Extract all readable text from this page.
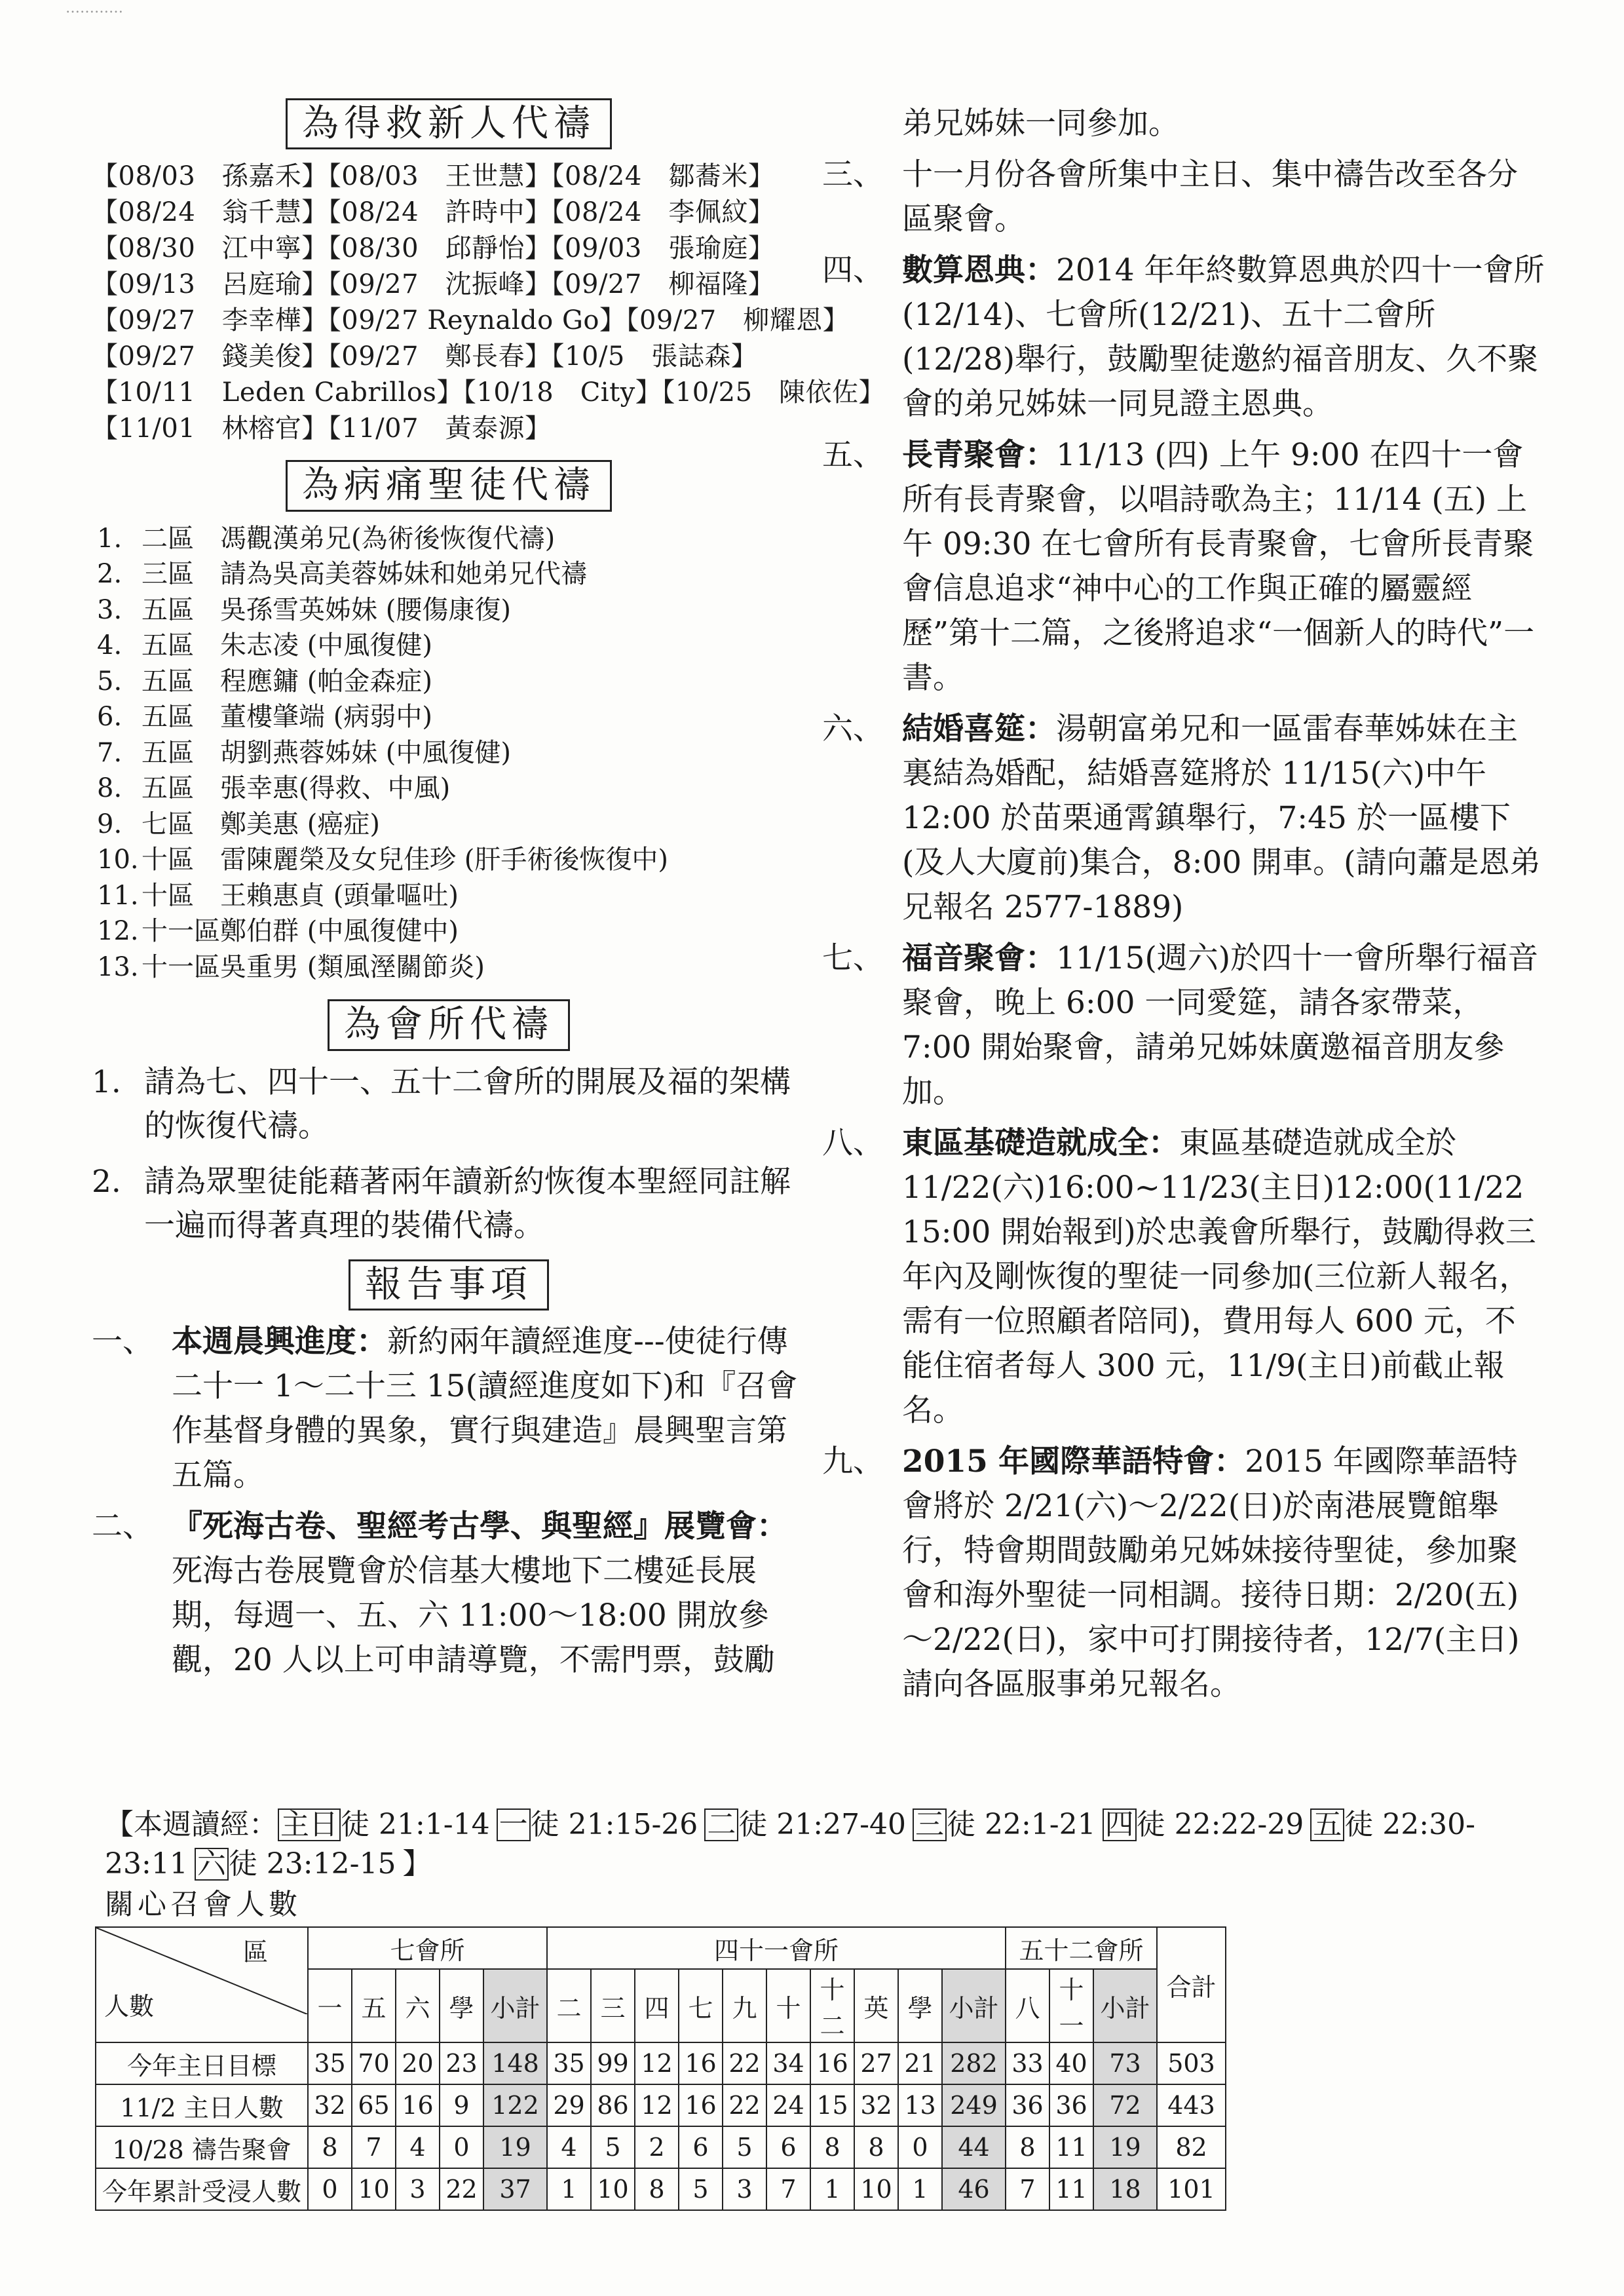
…………
為得救新人代禱
【08/03　孫嘉禾】【08/03　王世慧】【08/24　鄒蕎米】
【08/24　翁千慧】【08/24　許時中】【08/24　李佩紋】
【08/30　江中寧】【08/30　邱靜怡】【09/03　張瑜庭】
【09/13　呂庭瑜】【09/27　沈振峰】【09/27　柳福隆】
【09/27　李幸樺】【09/27 Reynaldo Go】【09/27　柳耀恩】
【09/27　錢美俊】【09/27　鄭長春】【10/5　張誌森】
【10/11　Leden Cabrillos】【10/18　City】【10/25　陳依佐】
【11/01　林榕官】【11/07　黃泰源】
為病痛聖徒代禱
1. 二區 馮觀漢弟兄(為術後恢復代禱)
2. 三區 請為吳高美蓉姊妹和她弟兄代禱
3. 五區 吳孫雪英姊妹 (腰傷康復)
4. 五區 朱志凌 (中風復健)
5. 五區 程應鏞 (帕金森症)
6. 五區 董樓肇端 (病弱中)
7. 五區 胡劉燕蓉姊妹 (中風復健)
8. 五區 張幸惠(得救、中風)
9. 七區 鄭美惠 (癌症)
10. 十區 雷陳麗榮及女兒佳珍 (肝手術後恢復中)
11. 十區 王賴惠貞 (頭暈嘔吐)
12. 十一區鄭伯群 (中風復健中)
13. 十一區吳重男 (類風溼關節炎)
為會所代禱
1. 請為七、四十一、五十二會所的開展及福的架構的恢復代禱。
2. 請為眾聖徒能藉著兩年讀新約恢復本聖經同註解一遍而得著真理的裝備代禱。
報告事項
一、 本週晨興進度：新約兩年讀經進度---使徒行傳二十一 1～二十三 15(讀經進度如下)和『召會作基督身體的異象，實行與建造』晨興聖言第五篇。
二、 『死海古卷、聖經考古學、與聖經』展覽會：死海古卷展覽會於信基大樓地下二樓延長展期，每週一、五、六 11:00～18:00 開放參觀，20 人以上可申請導覽，不需門票，鼓勵
弟兄姊妹一同參加。
三、 十一月份各會所集中主日、集中禱告改至各分區聚會。
四、 數算恩典：2014 年年終數算恩典於四十一會所(12/14)、七會所(12/21)、五十二會所(12/28)舉行，鼓勵聖徒邀約福音朋友、久不聚會的弟兄姊妹一同見證主恩典。
五、 長青聚會：11/13 (四) 上午 9:00 在四十一會所有長青聚會，以唱詩歌為主；11/14 (五) 上午 09:30 在七會所有長青聚會，七會所長青聚會信息追求“神中心的工作與正確的屬靈經歷”第十二篇，之後將追求“一個新人的時代”一書。
六、 結婚喜筵：湯朝富弟兄和一區雷春華姊妹在主裏結為婚配，結婚喜筵將於 11/15(六)中午 12:00 於苗栗通霄鎮舉行，7:45 於一區樓下(及人大廈前)集合，8:00 開車。(請向蕭是恩弟兄報名 2577-1889)
七、 福音聚會：11/15(週六)於四十一會所舉行福音聚會，晚上 6:00 一同愛筵，請各家帶菜，7:00 開始聚會，請弟兄姊妹廣邀福音朋友參加。
八、 東區基礎造就成全：東區基礎造就成全於 11/22(六)16:00~11/23(主日)12:00(11/22 15:00 開始報到)於忠義會所舉行，鼓勵得救三年內及剛恢復的聖徒一同參加(三位新人報名，需有一位照顧者陪同)，費用每人 600 元，不能住宿者每人 300 元，11/9(主日)前截止報名。
九、 2015 年國際華語特會：2015 年國際華語特會將於 2/21(六)～2/22(日)於南港展覽館舉行，特會期間鼓勵弟兄姊妹接待聖徒，參加聚會和海外聖徒一同相調。接待日期：2/20(五)～2/22(日)，家中可打開接待者，12/7(主日)請向各區服事弟兄報名。
【本週讀經：主日徒 21:1-14 一徒 21:15-26 二徒 21:27-40 三徒 22:1-21 四徒 22:22-29 五徒 22:30-23:11 六徒 23:12-15 】
關心召會人數
區
人數	七會所					四十一會所										五十二會所			合計
	一	五	六	學	小計	二	三	四	七	九	十	十二	英	學	小計	八	十一	小計	
今年主日目標	35	70	20	23	148	35	99	12	16	22	34	16	27	21	282	33	40	73	503
11/2 主日人數	32	65	16	9	122	29	86	12	16	22	24	15	32	13	249	36	36	72	443
10/28 禱告聚會	8	7	4	0	19	4	5	2	6	5	6	8	8	0	44	8	11	19	82
今年累計受浸人數	0	10	3	22	37	1	10	8	5	3	7	1	10	1	46	7	11	18	101
